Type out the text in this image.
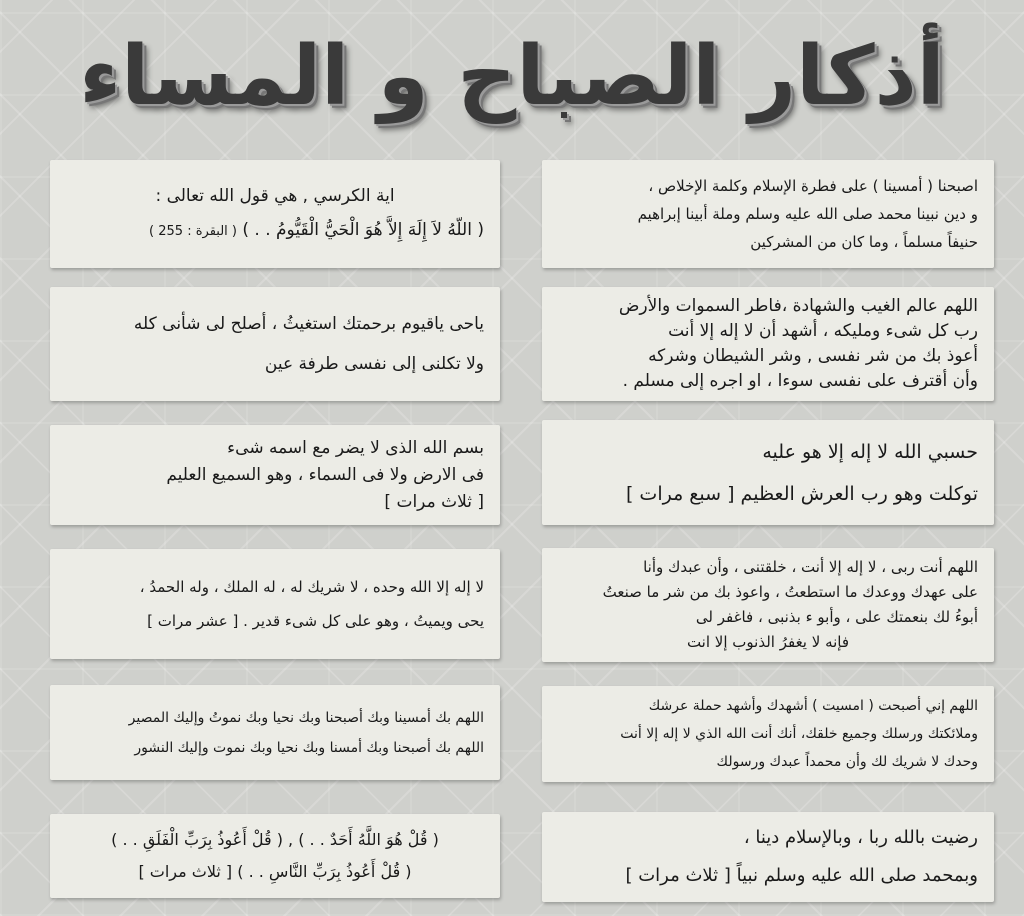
أذكار الصباح و المساء
اصبحنا ( أمسينا ) على فطرة الإسلام وكلمة الإخلاص ،
و دين نبينا محمد صلى الله عليه وسلم وملة أبينا إبراهيم
حنيفاً مسلماً ، وما كان من المشركين
اللهم عالم الغيب والشهادة ،فاطر السموات والأرض
رب كل شىء ومليكه ، أشهد أن لا إله إلا أنت
أعوذ بك من شر نفسى , وشر الشيطان وشركه
وأن أقترف على نفسى سوءا ، او اجره إلى مسلم .
حسبي الله لا إله إلا هو عليه
توكلت وهو رب العرش العظيم [ سبع مرات ]
اللهم أنت ربى ، لا إله إلا أنت ، خلقتنى ، وأن عبدك وأنا
على عهدك ووعدك ما استطعتُ ، واعوذ بك من شر ما صنعتُ
أبوءُ لك بنعمتك على ، وأبو ء بذنبى ، فاغفر لى
فإنه لا يغفرُ الذنوب إلا انت
اللهم إني أصبحت ( امسيت ) أشهدك وأشهد حملة عرشك
وملائكتك ورسلك وجميع خلقك، أنك أنت الله الذي لا إله إلا أنت
وحدك لا شريك لك وأن محمداً عبدك ورسولك
رضيت بالله ربا ، وبالإسلام دينا ،
وبمحمد صلى الله عليه وسلم نبياً [ ثلاث مرات ]
اية الكرسي , هي قول الله تعالى :
( اللّهُ لاَ إِلَهَ إِلاَّ هُوَ الْحَيُّ الْقَيُّومُ . . ) ( البقرة : 255 )
ياحى ياقيوم برحمتك استغيثُ ، أصلح لى شأنى كله
ولا تكلنى إلى نفسى طرفة عين
بسم الله الذى لا يضر مع اسمه شىء
فى الارض ولا فى السماء ، وهو السميع العليم
[ ثلاث مرات ]
لا إله إلا الله وحده ، لا شريك له ، له الملك ، وله الحمدُ ،
يحى ويميتُ ، وهو على كل شىء قدير . [ عشر مرات ]
اللهم بك أمسينا وبك أصبحنا وبك نحيا وبك نموتُ وإليك المصير
اللهم بك أصبحنا وبك أمسنا وبك نحيا وبك نموت وإليك النشور
( قُلْ هُوَ اللَّهُ أَحَدٌ . . ) , ( قُلْ أَعُوذُ بِرَبِّ الْفَلَقِ . . )
( قُلْ أَعُوذُ بِرَبِّ النَّاسِ . . ) [ ثلاث مرات ]
